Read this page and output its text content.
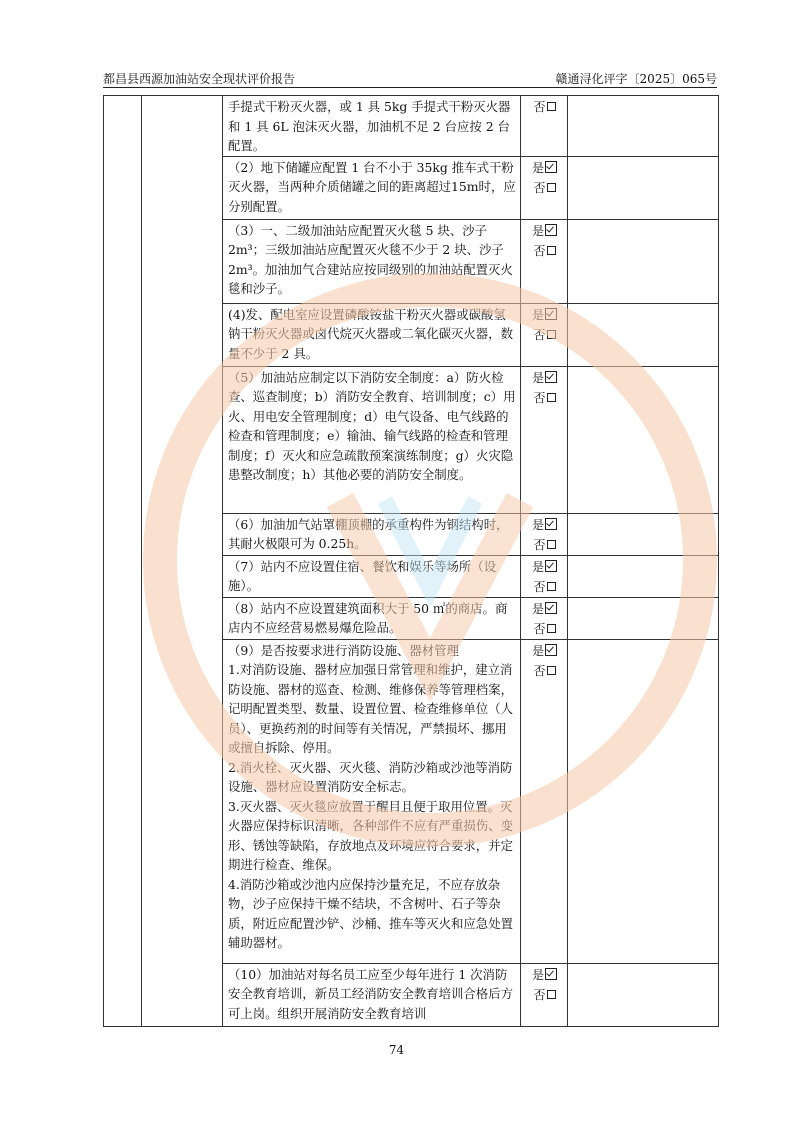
都昌县西源加油站安全现状评价报告	赣通浔化评字〔2025〕065号

		手提式干粉灭火器，或 1 具 5kg 手提式干粉灭火器和 1 具 6L 泡沫灭火器，加油机不足 2 台应按 2 台配置。	否	

		（2）地下储罐应配置 1 台不小于 35kg 推车式干粉灭火器，当两种介质储罐之间的距离超过15m时，应分别配置。	是
否	

		（3）一、二级加油站应配置灭火毯 5 块、沙子 2m³；三级加油站应配置灭火毯不少于 2 块、沙子 2m³。加油加气合建站应按同级别的加油站配置灭火毯和沙子。	是
否	

		(4)发、配电室应设置磷酸铵盐干粉灭火器或碳酸氢钠干粉灭火器或卤代烷灭火器或二氧化碳灭火器，数量不少于 2 具。	是
否	

		（5）加油站应制定以下消防安全制度：a）防火检查、巡查制度；b）消防安全教育、培训制度；c）用火、用电安全管理制度；d）电气设备、电气线路的检查和管理制度；e）输油、输气线路的检查和管理制度；f）灭火和应急疏散预案演练制度；g）火灾隐患整改制度；h）其他必要的消防安全制度。	是
否	

		（6）加油加气站罩棚顶棚的承重构件为钢结构时，其耐火极限可为 0.25h。	是
否	

		（7）站内不应设置住宿、餐饮和娱乐等场所（设施）。	是
否	

		（8）站内不应设置建筑面积大于 50 ㎡的商店。商店内不应经营易燃易爆危险品。	是
否	

		（9）是否按要求进行消防设施、器材管理
1.对消防设施、器材应加强日常管理和维护，建立消防设施、器材的巡查、检测、维修保养等管理档案，记明配置类型、数量、设置位置、检查维修单位（人员）、更换药剂的时间等有关情况，严禁损坏、挪用或擅自拆除、停用。
2.消火栓、灭火器、灭火毯、消防沙箱或沙池等消防设施、器材应设置消防安全标志。
3.灭火器、灭火毯应放置于醒目且便于取用位置。灭火器应保持标识清晰，各种部件不应有严重损伤、变形、锈蚀等缺陷，存放地点及环境应符合要求，并定期进行检查、维保。
4.消防沙箱或沙池内应保持沙量充足，不应存放杂物，沙子应保持干燥不结块，不含树叶、石子等杂质，附近应配置沙铲、沙桶、推车等灭火和应急处置辅助器材。	是
否	

		（10）加油站对每名员工应至少每年进行 1 次消防安全教育培训，新员工经消防安全教育培训合格后方可上岗。组织开展消防安全教育培训	是
否	

74
